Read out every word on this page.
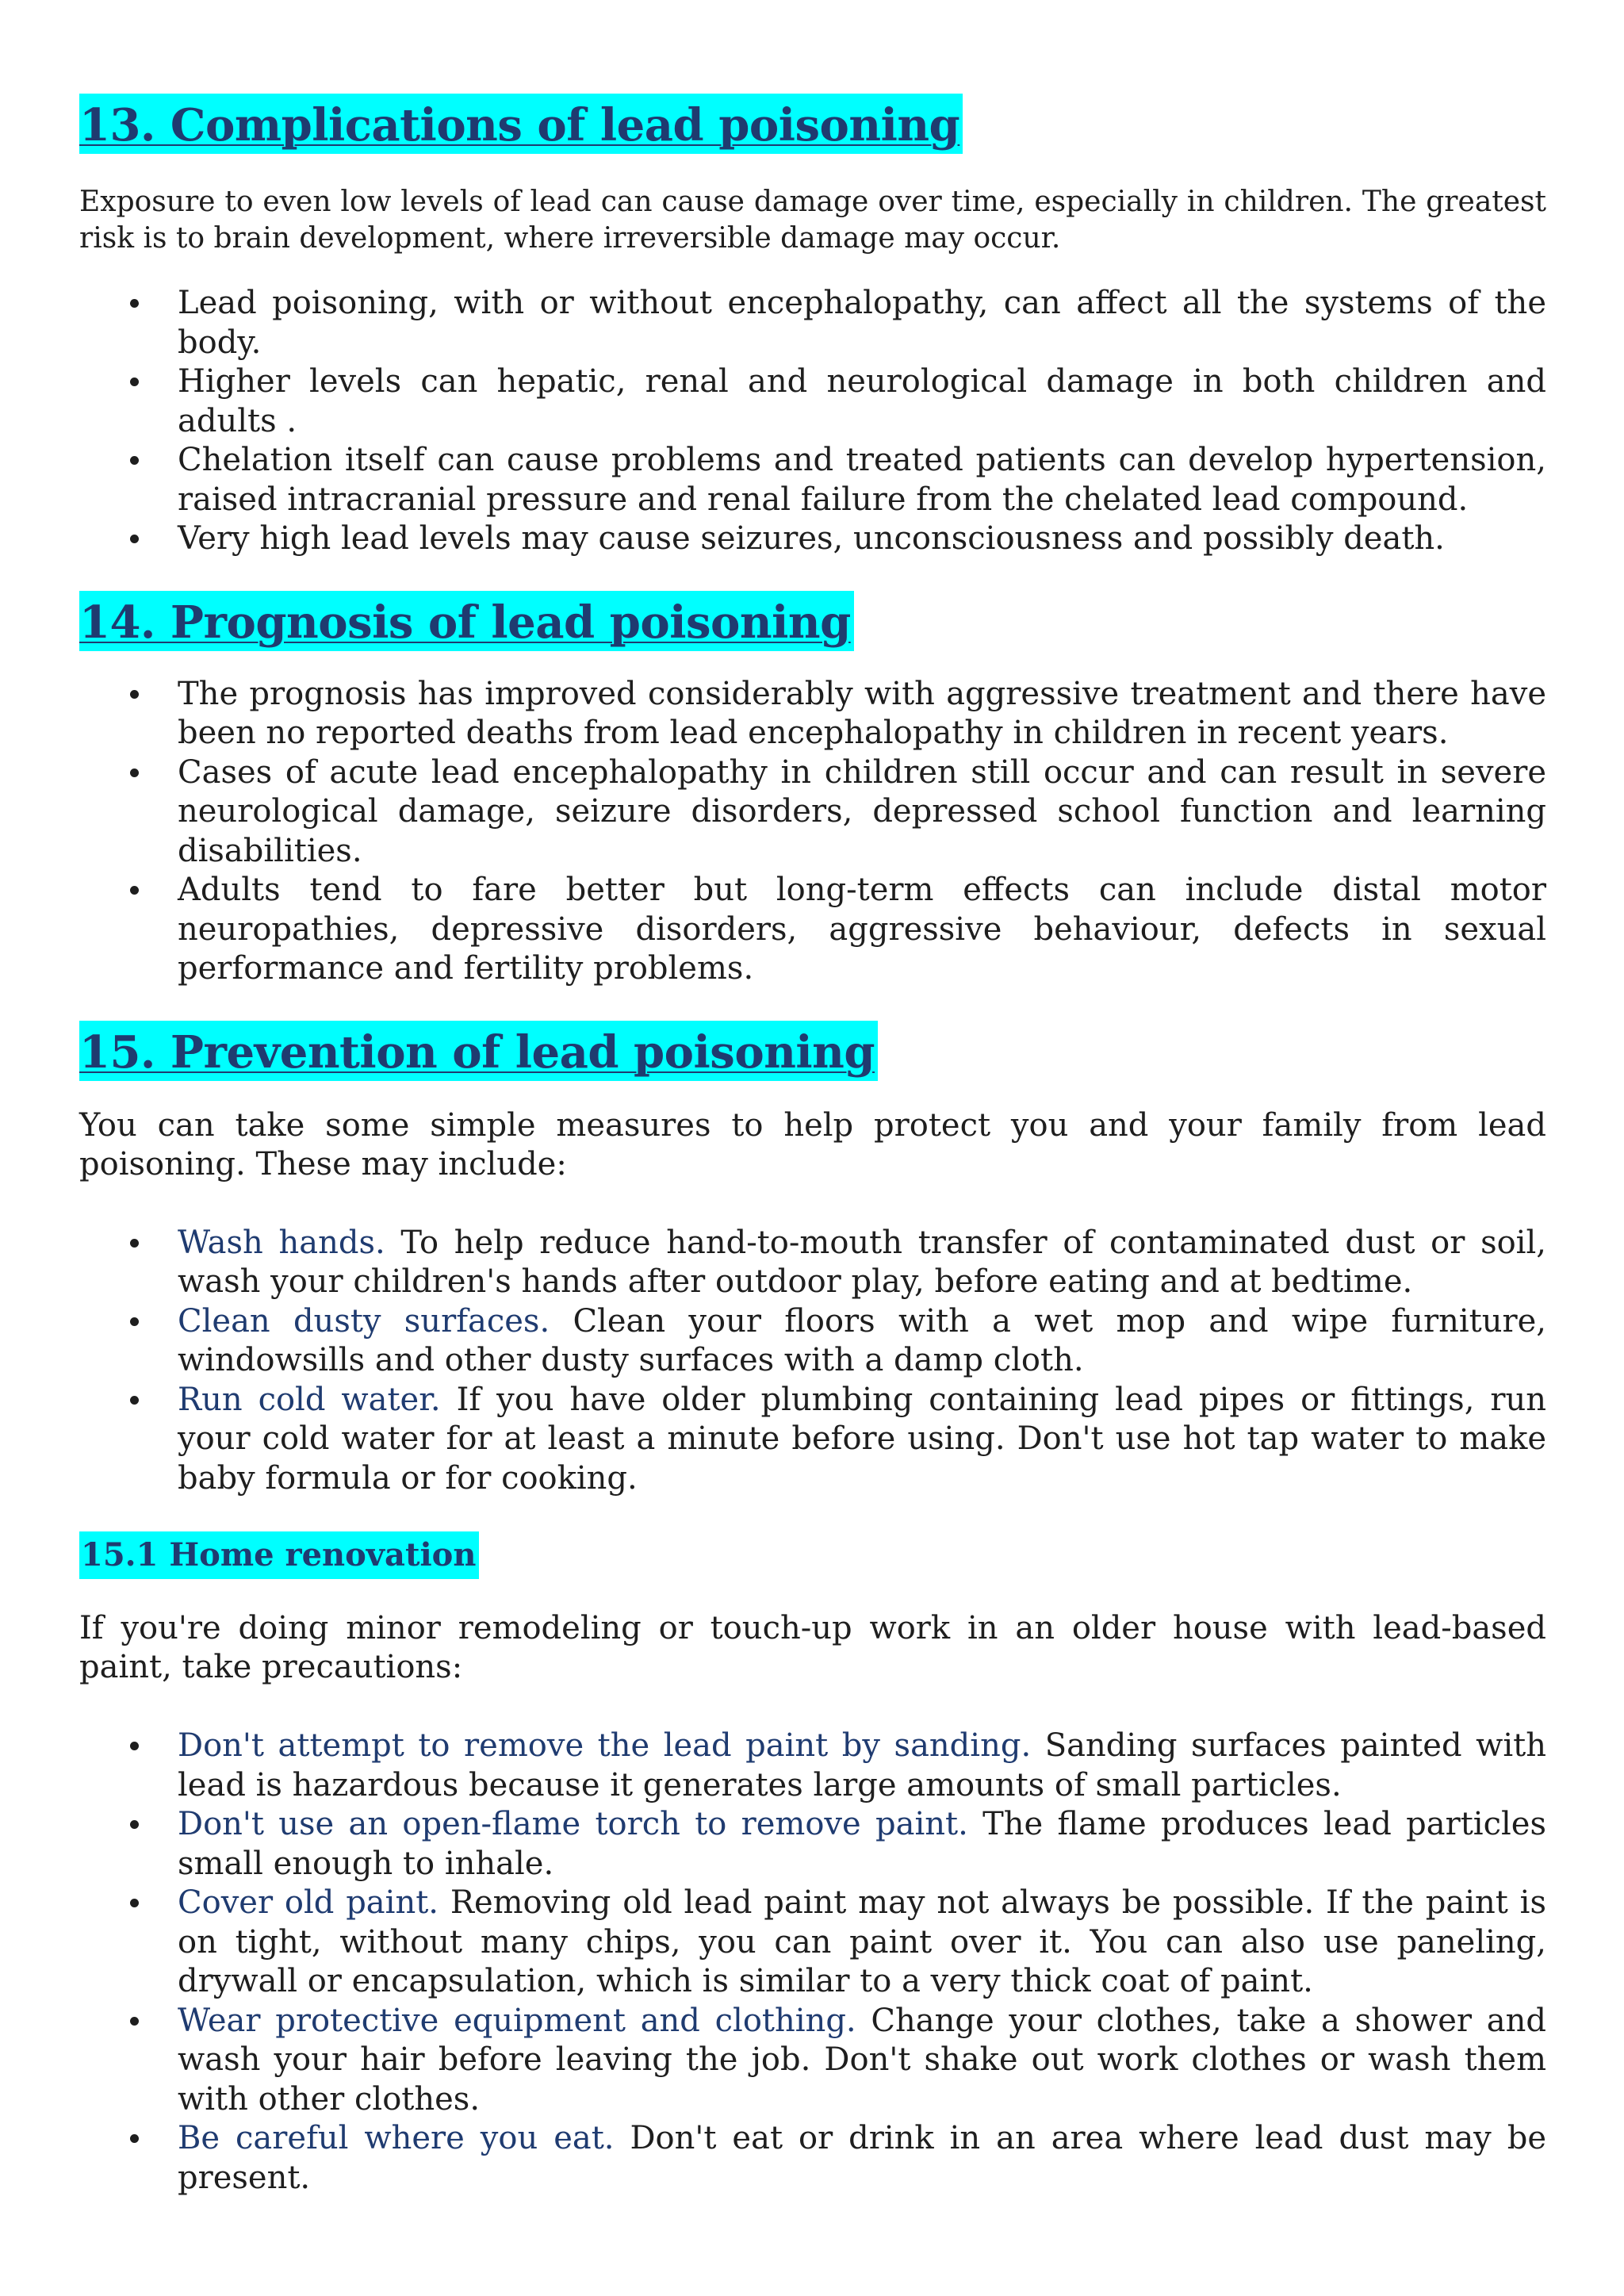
13. Complications of lead poisoning

Exposure to even low levels of lead can cause damage over time, especially in children. The greatest risk is to brain development, where irreversible damage may occur.

Lead poisoning, with or without encephalopathy, can affect all the systems of the body.
Higher levels can hepatic, renal and neurological damage in both children and adults .
Chelation itself can cause problems and treated patients can develop hypertension, raised intracranial pressure and renal failure from the chelated lead compound.
Very high lead levels may cause seizures, unconsciousness and possibly death.
14. Prognosis of lead poisoning
The prognosis has improved considerably with aggressive treatment and there have been no reported deaths from lead encephalopathy in children in recent years.
Cases of acute lead encephalopathy in children still occur and can result in severe neurological damage, seizure disorders, depressed school function and learning disabilities.
Adults tend to fare better but long-term effects can include distal motor neuropathies, depressive disorders, aggressive behaviour, defects in sexual performance and fertility problems.
15. Prevention of lead poisoning

You can take some simple measures to help protect you and your family from lead poisoning. These may include:

Wash hands. To help reduce hand-to-mouth transfer of contaminated dust or soil, wash your children's hands after outdoor play, before eating and at bedtime.
Clean dusty surfaces. Clean your floors with a wet mop and wipe furniture, windowsills and other dusty surfaces with a damp cloth.
Run cold water. If you have older plumbing containing lead pipes or fittings, run your cold water for at least a minute before using. Don't use hot tap water to make baby formula or for cooking.
15.1 Home renovation

If you're doing minor remodeling or touch-up work in an older house with lead-based paint, take precautions:

Don't attempt to remove the lead paint by sanding. Sanding surfaces painted with lead is hazardous because it generates large amounts of small particles.
Don't use an open-flame torch to remove paint. The flame produces lead particles small enough to inhale.
Cover old paint. Removing old lead paint may not always be possible. If the paint is on tight, without many chips, you can paint over it. You can also use paneling, drywall or encapsulation, which is similar to a very thick coat of paint.
Wear protective equipment and clothing. Change your clothes, take a shower and wash your hair before leaving the job. Don't shake out work clothes or wash them with other clothes.
Be careful where you eat. Don't eat or drink in an area where lead dust may be present.
